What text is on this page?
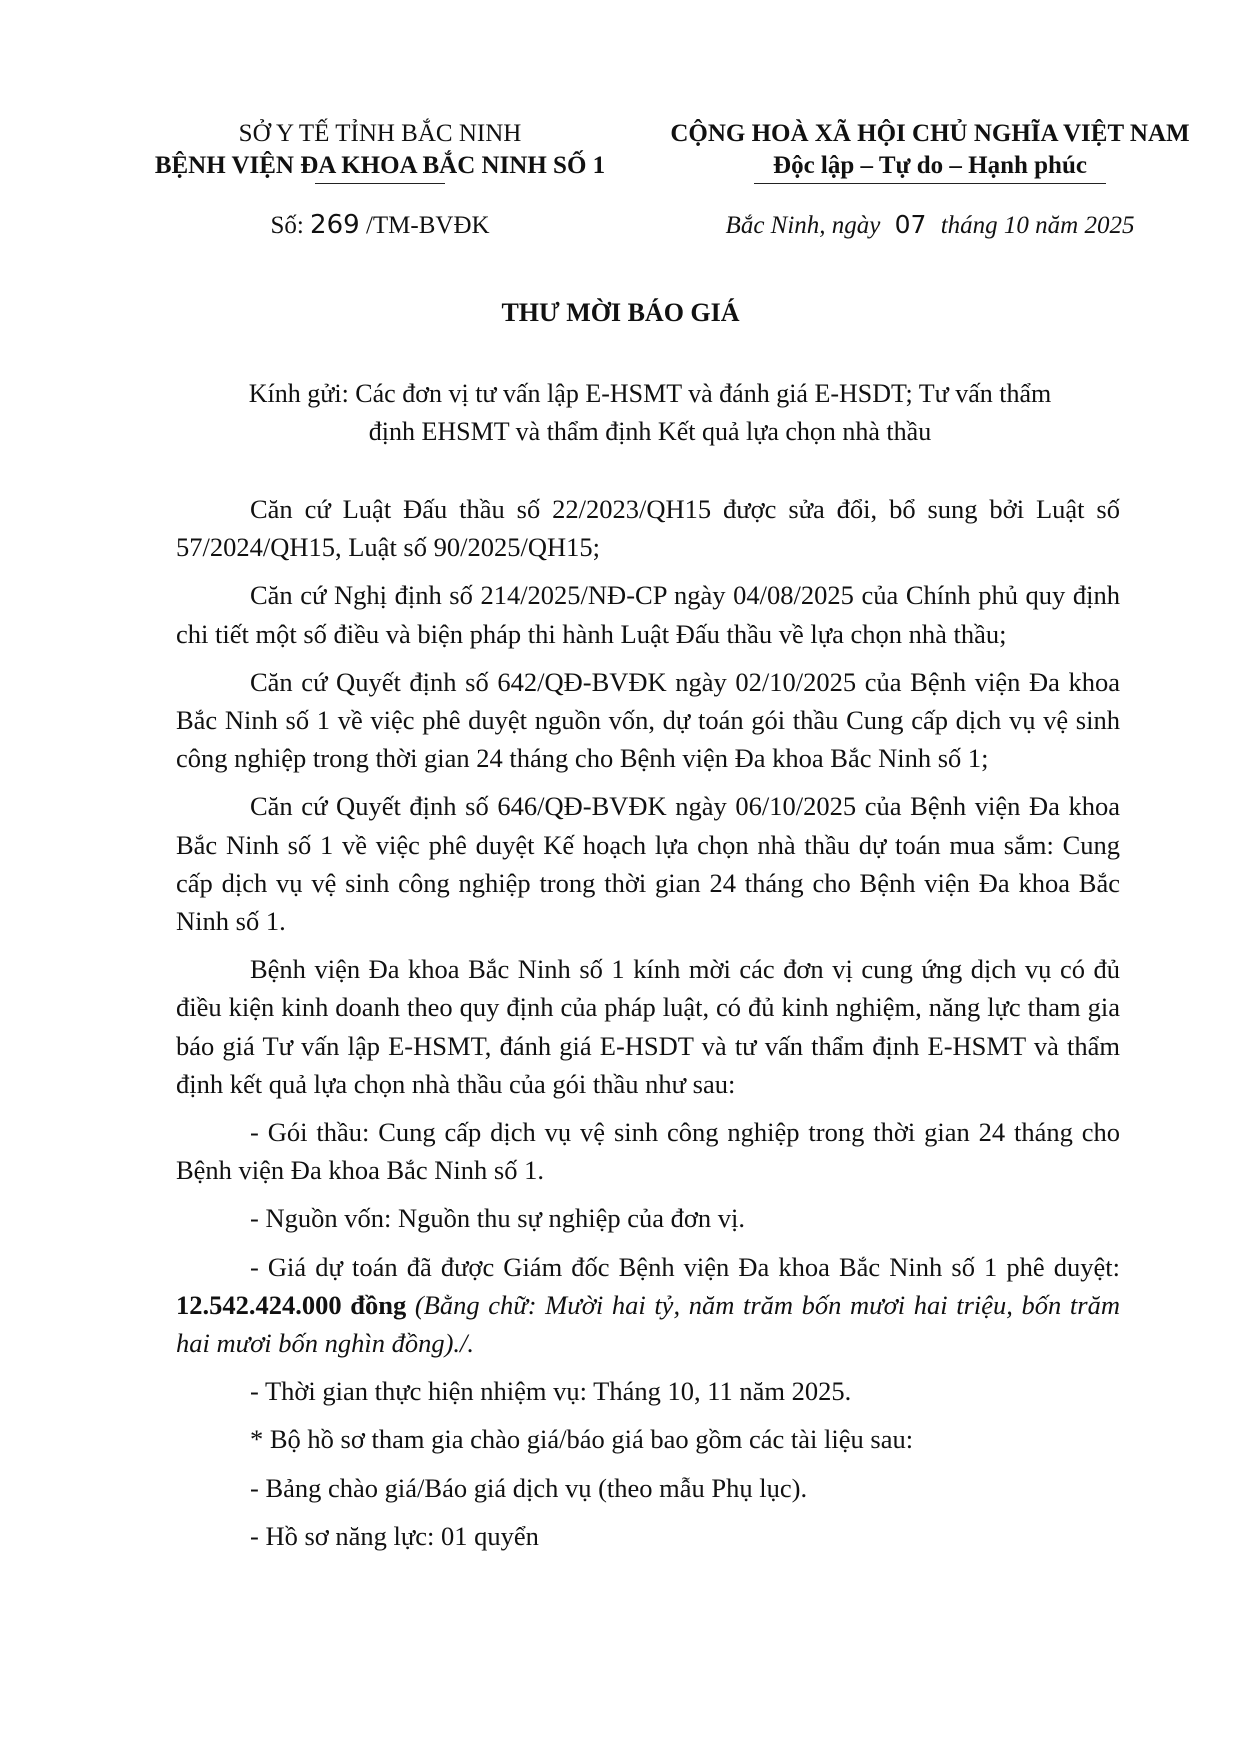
SỞ Y TẾ TỈNH BẮC NINH
BỆNH VIỆN ĐA KHOA BẮC NINH SỐ 1
CỘNG HOÀ XÃ HỘI CHỦ NGHĨA VIỆT NAM
Độc lập – Tự do – Hạnh phúc
Số: 269 /TM-BVĐK	Bắc Ninh, ngày 07 tháng 10 năm 2025
THƯ MỜI BÁO GIÁ
Kính gửi: Các đơn vị tư vấn lập E-HSMT và đánh giá E-HSDT; Tư vấn thẩm
định EHSMT và thẩm định Kết quả lựa chọn nhà thầu

Căn cứ Luật Đấu thầu số 22/2023/QH15 được sửa đổi, bổ sung bởi Luật số 57/2024/QH15, Luật số 90/2025/QH15;

Căn cứ Nghị định số 214/2025/NĐ-CP ngày 04/08/2025 của Chính phủ quy định chi tiết một số điều và biện pháp thi hành Luật Đấu thầu về lựa chọn nhà thầu;

Căn cứ Quyết định số 642/QĐ-BVĐK ngày 02/10/2025 của Bệnh viện Đa khoa Bắc Ninh số 1 về việc phê duyệt nguồn vốn, dự toán gói thầu Cung cấp dịch vụ vệ sinh công nghiệp trong thời gian 24 tháng cho Bệnh viện Đa khoa Bắc Ninh số 1;

Căn cứ Quyết định số 646/QĐ-BVĐK ngày 06/10/2025 của Bệnh viện Đa khoa Bắc Ninh số 1 về việc phê duyệt Kế hoạch lựa chọn nhà thầu dự toán mua sắm: Cung cấp dịch vụ vệ sinh công nghiệp trong thời gian 24 tháng cho Bệnh viện Đa khoa Bắc Ninh số 1.

Bệnh viện Đa khoa Bắc Ninh số 1 kính mời các đơn vị cung ứng dịch vụ có đủ điều kiện kinh doanh theo quy định của pháp luật, có đủ kinh nghiệm, năng lực tham gia báo giá Tư vấn lập E-HSMT, đánh giá E-HSDT và tư vấn thẩm định E-HSMT và thẩm định kết quả lựa chọn nhà thầu của gói thầu như sau:

- Gói thầu: Cung cấp dịch vụ vệ sinh công nghiệp trong thời gian 24 tháng cho Bệnh viện Đa khoa Bắc Ninh số 1.

- Nguồn vốn: Nguồn thu sự nghiệp của đơn vị.

- Giá dự toán đã được Giám đốc Bệnh viện Đa khoa Bắc Ninh số 1 phê duyệt: 12.542.424.000 đồng (Bằng chữ: Mười hai tỷ, năm trăm bốn mươi hai triệu, bốn trăm hai mươi bốn nghìn đồng)./.

- Thời gian thực hiện nhiệm vụ: Tháng 10, 11 năm 2025.

* Bộ hồ sơ tham gia chào giá/báo giá bao gồm các tài liệu sau:

- Bảng chào giá/Báo giá dịch vụ (theo mẫu Phụ lục).

- Hồ sơ năng lực: 01 quyển
